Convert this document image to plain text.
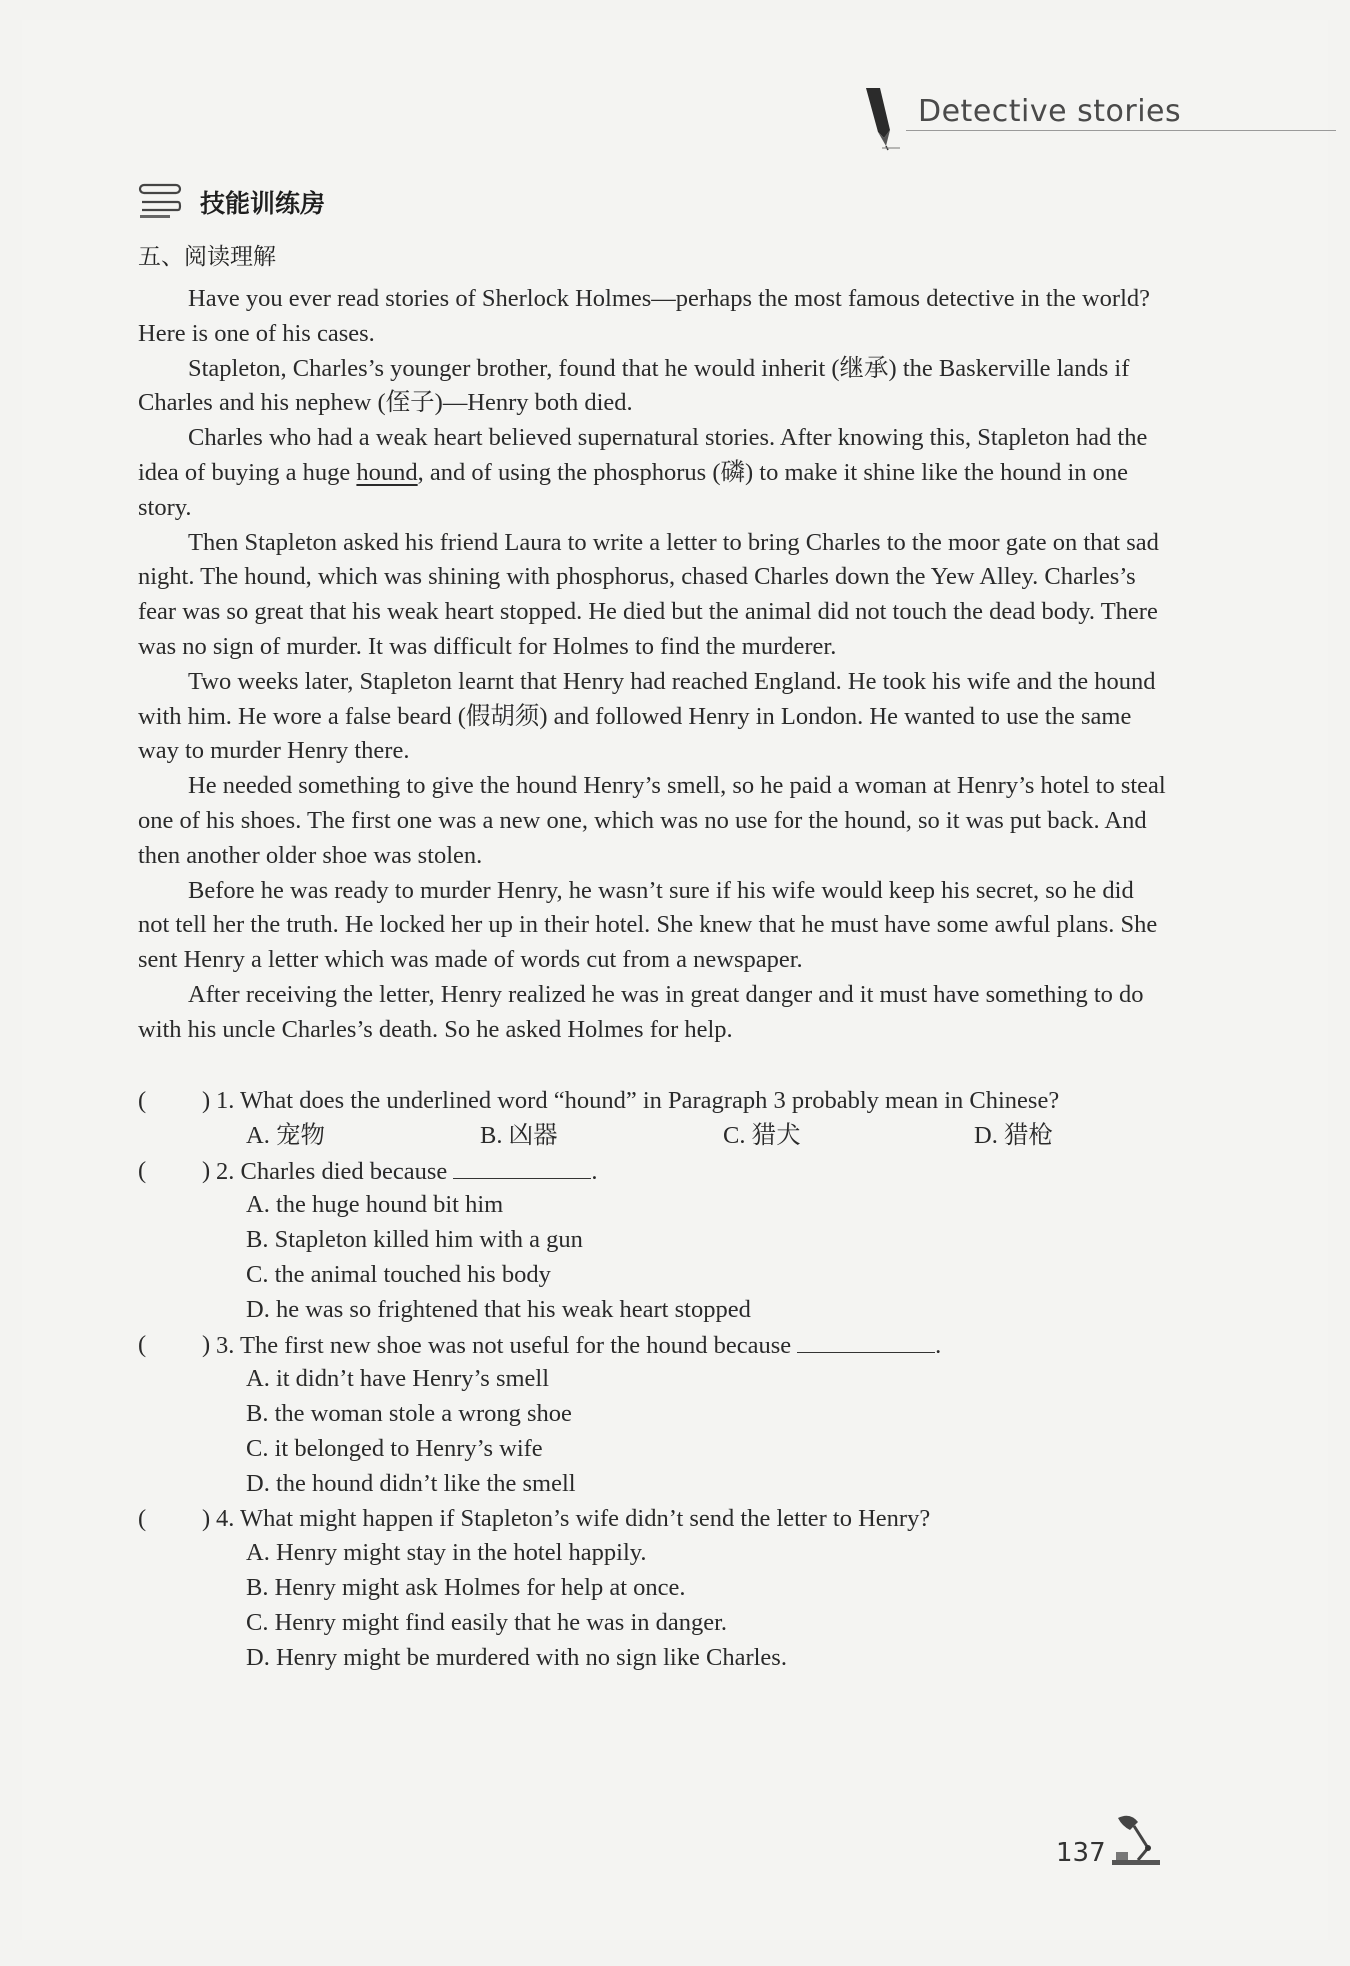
Detective stories
技能训练房
五、阅读理解

Have you ever read stories of Sherlock Holmes—perhaps the most famous detective in the world? Here is one of his cases.

Stapleton, Charles’s younger brother, found that he would inherit (继承) the Baskerville lands if Charles and his nephew (侄子)—Henry both died.

Charles who had a weak heart believed supernatural stories. After knowing this, Stapleton had the idea of buying a huge hound, and of using the phosphorus (磷) to make it shine like the hound in one story.

Then Stapleton asked his friend Laura to write a letter to bring Charles to the moor gate on that sad night. The hound, which was shining with phosphorus, chased Charles down the Yew Alley. Charles’s fear was so great that his weak heart stopped. He died but the animal did not touch the dead body. There was no sign of murder. It was difficult for Holmes to find the murderer.

Two weeks later, Stapleton learnt that Henry had reached England. He took his wife and the hound with him. He wore a false beard (假胡须) and followed Henry in London. He wanted to use the same way to murder Henry there.

He needed something to give the hound Henry’s smell, so he paid a woman at Henry’s hotel to steal one of his shoes. The first one was a new one, which was no use for the hound, so it was put back. And then another older shoe was stolen.

Before he was ready to murder Henry, he wasn’t sure if his wife would keep his secret, so he did not tell her the truth. He locked her up in their hotel. She knew that he must have some awful plans. She sent Henry a letter which was made of words cut from a newspaper.

After receiving the letter, Henry realized he was in great danger and it must have something to do with his uncle Charles’s death. So he asked Holmes for help.

( ) 1. What does the underlined word “hound” in Paragraph 3 probably mean in Chinese?
A. 宠物	B. 凶器	C. 猎犬	D. 猎枪
( ) 2. Charles died because	.
A. the huge hound bit him
B. Stapleton killed him with a gun
C. the animal touched his body
D. he was so frightened that his weak heart stopped
( ) 3. The first new shoe was not useful for the hound because	.
A. it didn’t have Henry’s smell
B. the woman stole a wrong shoe
C. it belonged to Henry’s wife
D. the hound didn’t like the smell
( ) 4. What might happen if Stapleton’s wife didn’t send the letter to Henry?
A. Henry might stay in the hotel happily.
B. Henry might ask Holmes for help at once.
C. Henry might find easily that he was in danger.
D. Henry might be murdered with no sign like Charles.
137
